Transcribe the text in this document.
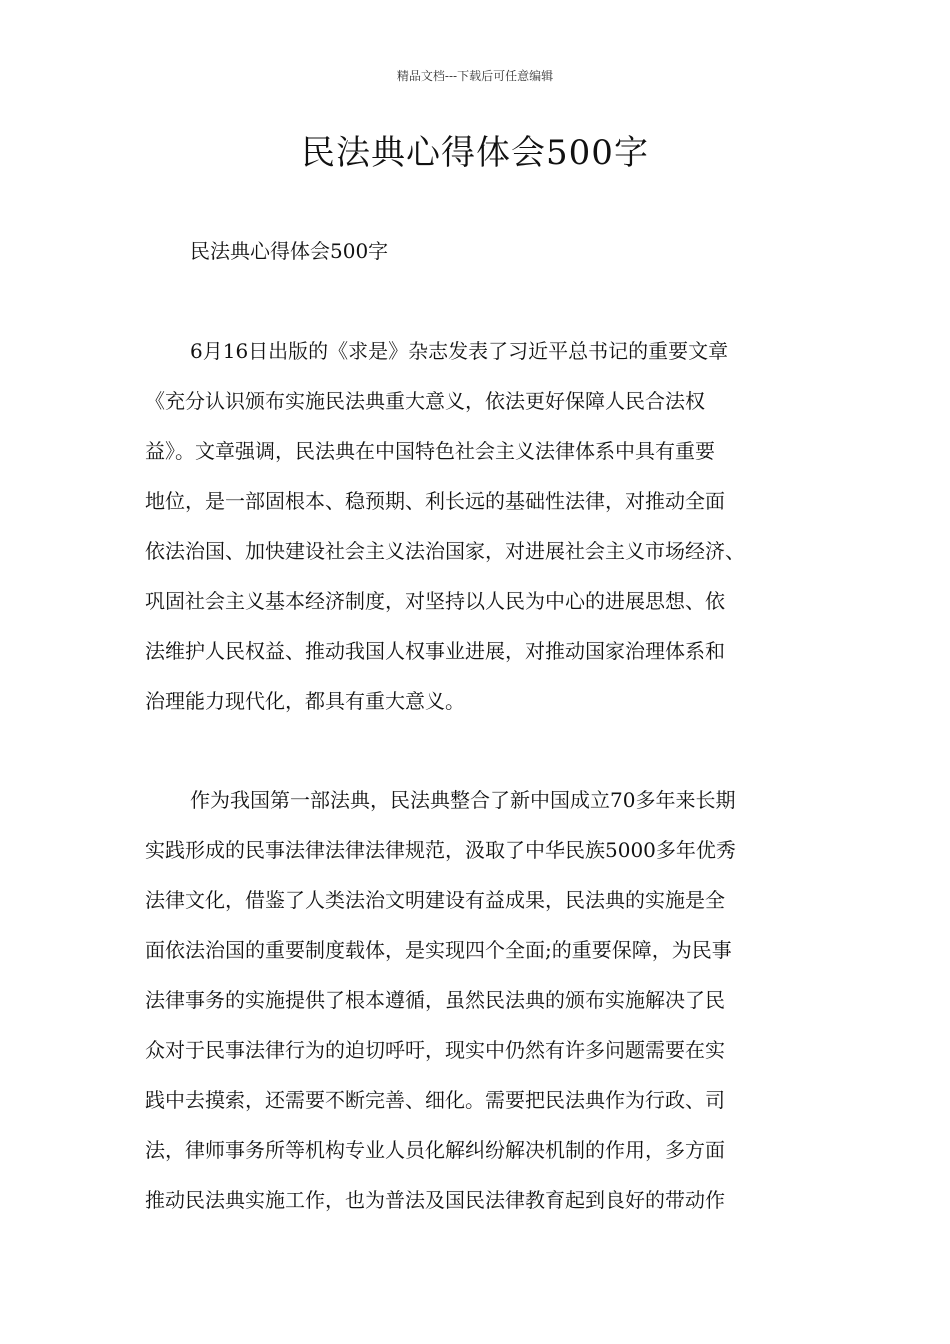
精品文档---下载后可任意编辑
民法典心得体会500字

民法典心得体会500字

6月16日出版的《求是》杂志发表了习近平总书记的重要文章
《充分认识颁布实施民法典重大意义，依法更好保障人民合法权
益》。文章强调，民法典在中国特色社会主义法律体系中具有重要
地位，是一部固根本、稳预期、利长远的基础性法律，对推动全面
依法治国、加快建设社会主义法治国家，对进展社会主义市场经济、
巩固社会主义基本经济制度，对坚持以人民为中心的进展思想、依
法维护人民权益、推动我国人权事业进展，对推动国家治理体系和
治理能力现代化，都具有重大意义。
作为我国第一部法典，民法典整合了新中国成立70多年来长期
实践形成的民事法律法律法律规范，汲取了中华民族5000多年优秀
法律文化，借鉴了人类法治文明建设有益成果，民法典的实施是全
面依法治国的重要制度载体，是实现四个全面;的重要保障，为民事
法律事务的实施提供了根本遵循，虽然民法典的颁布实施解决了民
众对于民事法律行为的迫切呼吁，现实中仍然有许多问题需要在实
践中去摸索，还需要不断完善、细化。需要把民法典作为行政、司
法，律师事务所等机构专业人员化解纠纷解决机制的作用，多方面
推动民法典实施工作，也为普法及国民法律教育起到良好的带动作
